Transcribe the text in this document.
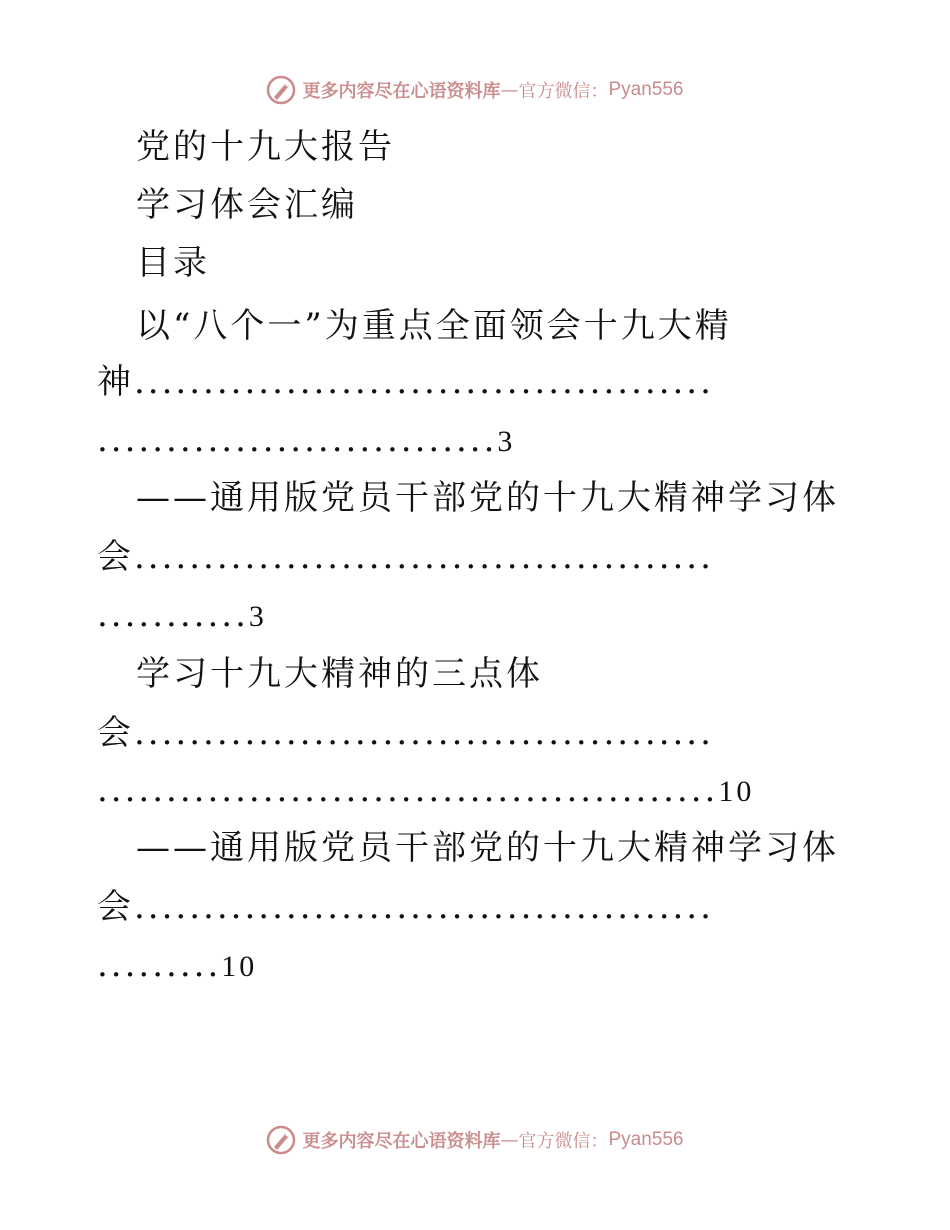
更多内容尽在心语资料库 — 官方微信： Pyan556
党的十九大报告
学习体会汇编
目录
以“八个一”为重点全面领会十九大精
神..........................................
.............................3
——通用版党员干部党的十九大精神学习体
会..........................................
...........3
学习十九大精神的三点体
会..........................................
.............................................10
——通用版党员干部党的十九大精神学习体
会..........................................
.........10
更多内容尽在心语资料库 — 官方微信： Pyan556
